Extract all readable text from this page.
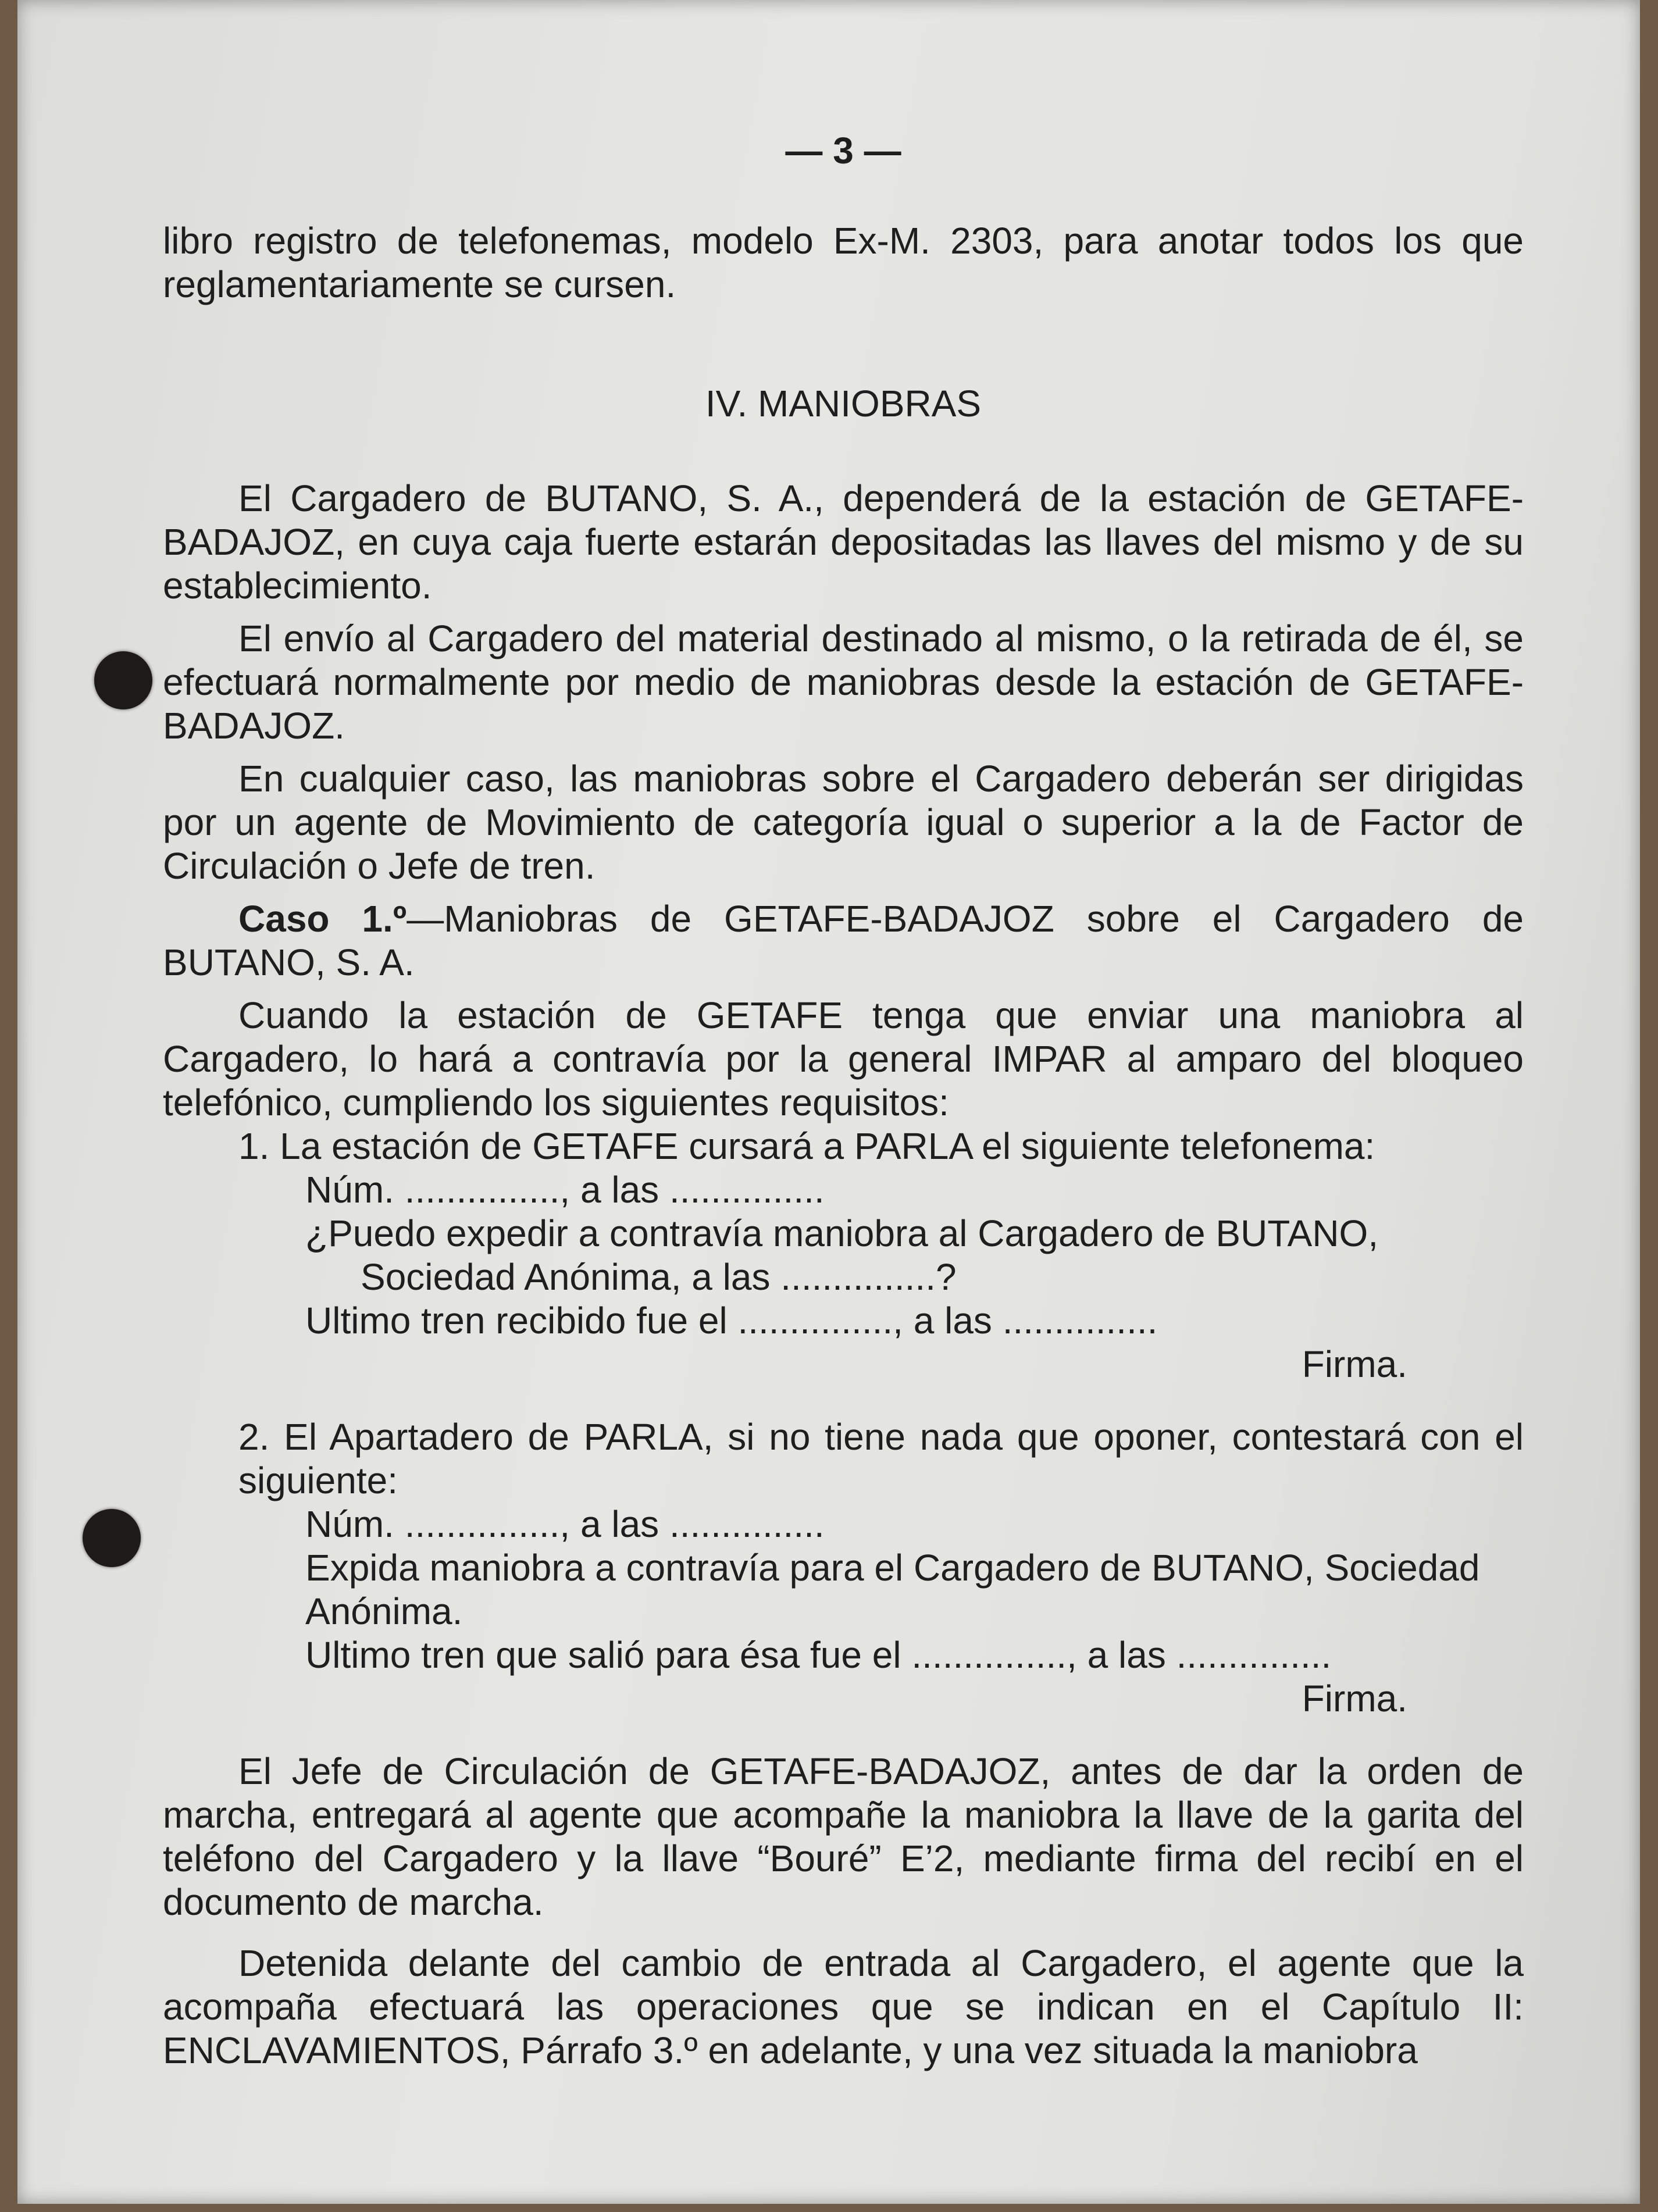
— 3 —

libro registro de telefonemas, modelo Ex-M. 2303, para anotar todos los que reglamentariamente se cursen.

IV. MANIOBRAS

El Cargadero de BUTANO, S. A., dependerá de la estación de GETAFE-BADAJOZ, en cuya caja fuerte estarán depositadas las llaves del mismo y de su establecimiento.

El envío al Cargadero del material destinado al mismo, o la retirada de él, se efectuará normalmente por medio de maniobras desde la estación de GETAFE-BADAJOZ.

En cualquier caso, las maniobras sobre el Cargadero deberán ser dirigidas por un agente de Movimiento de categoría igual o superior a la de Factor de Circulación o Jefe de tren.

Caso 1.º—Maniobras de GETAFE-BADAJOZ sobre el Cargadero de BUTANO, S. A.

Cuando la estación de GETAFE tenga que enviar una maniobra al Cargadero, lo hará a contravía por la general IMPAR al amparo del bloqueo telefónico, cumpliendo los siguientes requisitos:

1. La estación de GETAFE cursará a PARLA el siguiente telefonema:

Núm. ..............., a las ...............

¿Puedo expedir a contravía maniobra al Cargadero de BUTANO, Sociedad Anónima, a las ...............?

Ultimo tren recibido fue el ..............., a las ...............

Firma.

2. El Apartadero de PARLA, si no tiene nada que oponer, contestará con el siguiente:

Núm. ..............., a las ...............

Expida maniobra a contravía para el Cargadero de BUTANO, Sociedad Anónima.

Ultimo tren que salió para ésa fue el ..............., a las ...............

Firma.

El Jefe de Circulación de GETAFE-BADAJOZ, antes de dar la orden de marcha, entregará al agente que acompañe la maniobra la llave de la garita del teléfono del Cargadero y la llave “Bouré” E’2, mediante firma del recibí en el documento de marcha.

Detenida delante del cambio de entrada al Cargadero, el agente que la acompaña efectuará las operaciones que se indican en el Capítulo II: ENCLAVAMIENTOS, Párrafo 3.º en adelante, y una vez situada la maniobra
